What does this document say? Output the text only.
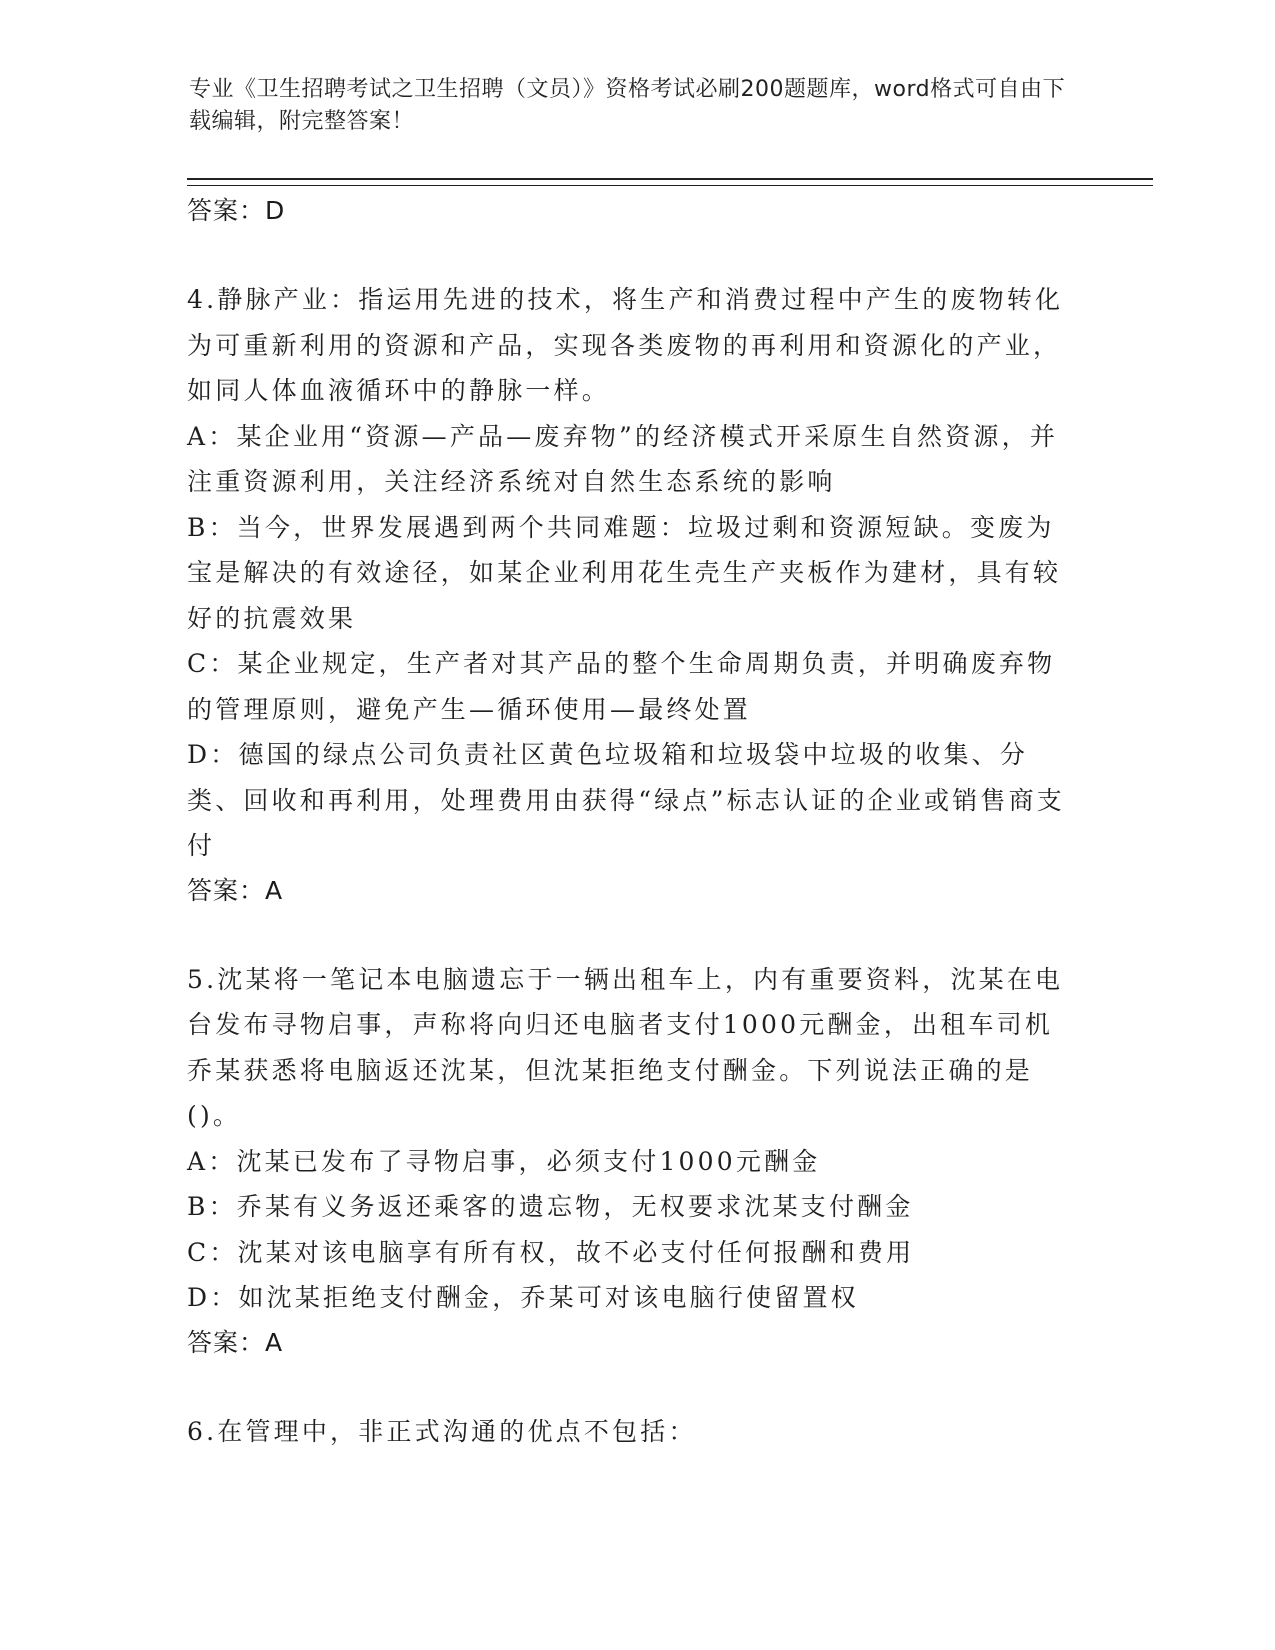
专业《卫生招聘考试之卫生招聘（文员）》资格考试必刷200题题库，word格式可自由下载编辑，附完整答案！

答案：D

4.静脉产业：指运用先进的技术，将生产和消费过程中产生的废物转化为可重新利用的资源和产品，实现各类废物的再利用和资源化的产业，如同人体血液循环中的静脉一样。

A：某企业用“资源—产品—废弃物”的经济模式开采原生自然资源，并注重资源利用，关注经济系统对自然生态系统的影响

B：当今，世界发展遇到两个共同难题：垃圾过剩和资源短缺。变废为宝是解决的有效途径，如某企业利用花生壳生产夹板作为建材，具有较好的抗震效果

C：某企业规定，生产者对其产品的整个生命周期负责，并明确废弃物的管理原则，避免产生—循环使用—最终处置

D：德国的绿点公司负责社区黄色垃圾箱和垃圾袋中垃圾的收集、分类、回收和再利用，处理费用由获得“绿点”标志认证的企业或销售商支付

答案：A

5.沈某将一笔记本电脑遗忘于一辆出租车上，内有重要资料，沈某在电台发布寻物启事，声称将向归还电脑者支付1000元酬金，出租车司机乔某获悉将电脑返还沈某，但沈某拒绝支付酬金。下列说法正确的是()。

A：沈某已发布了寻物启事，必须支付1000元酬金

B：乔某有义务返还乘客的遗忘物，无权要求沈某支付酬金

C：沈某对该电脑享有所有权，故不必支付任何报酬和费用

D：如沈某拒绝支付酬金，乔某可对该电脑行使留置权

答案：A

6.在管理中，非正式沟通的优点不包括：
